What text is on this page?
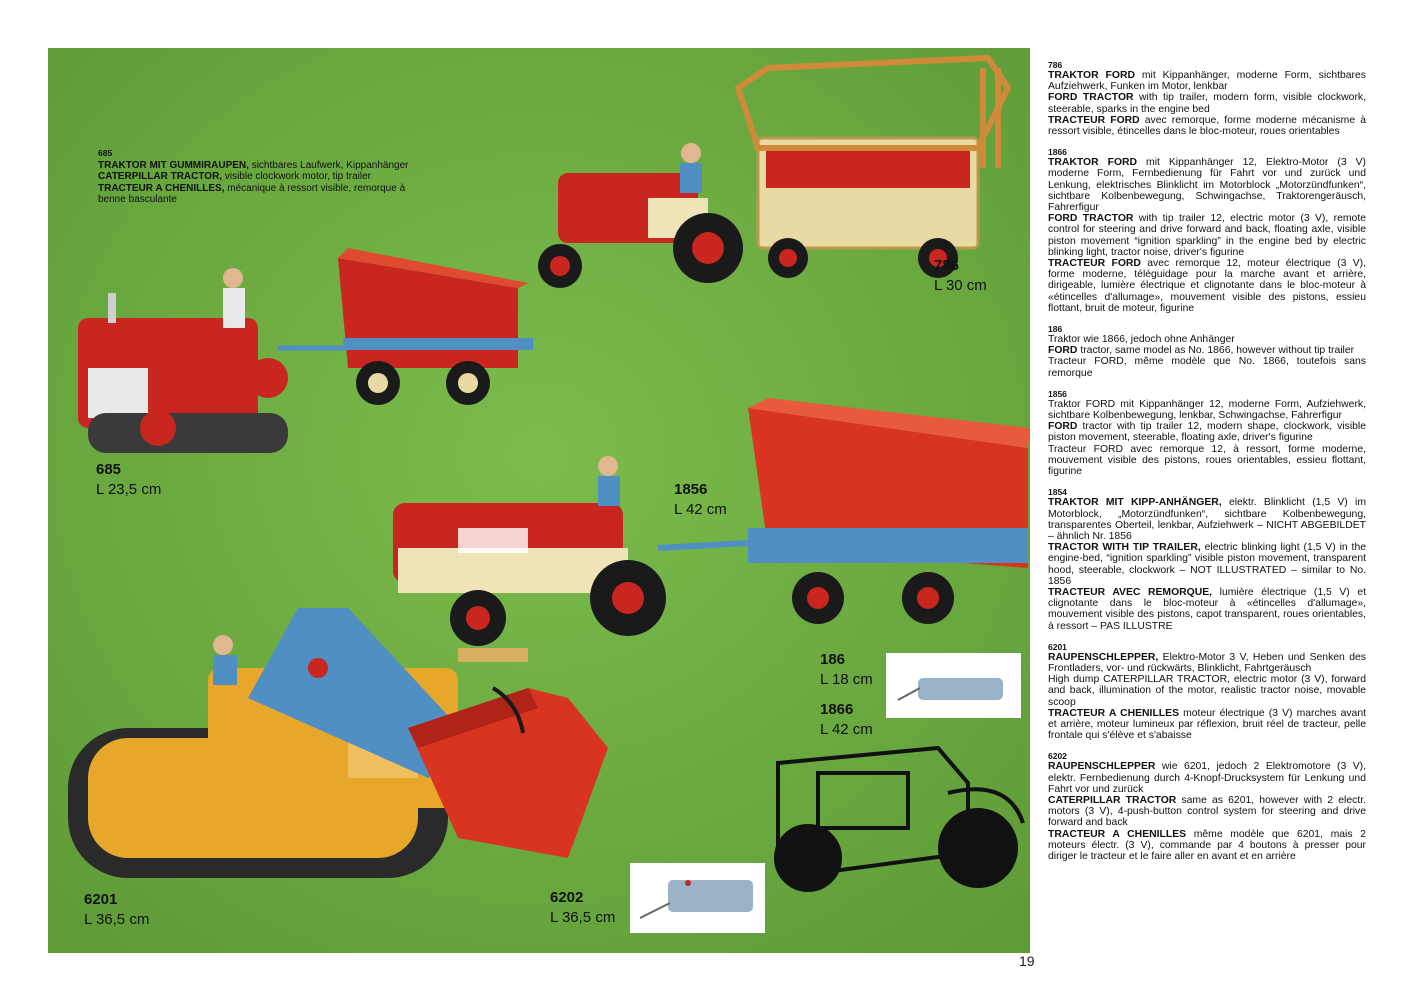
685
TRAKTOR MIT GUMMIRAUPEN, sichtbares Laufwerk, Kippanhänger
CATERPILLAR TRACTOR, visible clockwork motor, tip trailer
TRACTEUR A CHENILLES, mécanique à ressort visible, remorque à benne basculante
786
L 30 cm
685
L 23,5 cm	1856
L 42 cm
186
L 18 cm
1866
L 42 cm
6201
L 36,5 cm
6202
L 36,5 cm
786

TRAKTOR FORD mit Kippanhänger, moderne Form, sichtbares Aufziehwerk, Funken im Motor, lenkbar

FORD TRACTOR with tip trailer, modern form, visible clockwork, steerable, sparks in the engine bed

TRACTEUR FORD avec remorque, forme moderne mécanisme à ressort visible, étincelles dans le bloc-moteur, roues orientables

1866

TRAKTOR FORD mit Kippanhänger 12, Elektro-Motor (3 V) moderne Form, Fernbedienung für Fahrt vor und zurück und Lenkung, elektrisches Blinklicht im Motorblock „Motorzündfunken“, sichtbare Kolbenbewegung, Schwingachse, Traktorengeräusch, Fahrerfigur

FORD TRACTOR with tip trailer 12, electric motor (3 V), remote control for steering and drive forward and back, floating axle, visible piston movement “ignition sparkling” in the engine bed by electric blinking light, tractor noise, driver's figurine

TRACTEUR FORD avec remorque 12, moteur électrique (3 V), forme moderne, téléguidage pour la marche avant et arrière, dirigeable, lumière électrique et clignotante dans le bloc-moteur à «étincelles d'allumage», mouvement visible des pistons, essieu flottant, bruit de moteur, figurine

186

Traktor wie 1866, jedoch ohne Anhänger

FORD tractor, same model as No. 1866, however without tip trailer

Tracteur FORD, même modèle que No. 1866, toutefois sans remorque

1856

Traktor FORD mit Kippanhänger 12, moderne Form, Aufziehwerk, sichtbare Kolbenbewegung, lenkbar, Schwingachse, Fahrerfigur

FORD tractor with tip trailer 12, modern shape, clockwork, visible piston movement, steerable, floating axle, driver's figurine

Tracteur FORD avec remorque 12, à ressort, forme moderne, mouvement visible des pistons, roues orientables, essieu flottant, figurine

1854

TRAKTOR MIT KIPP-ANHÄNGER, elektr. Blinklicht (1,5 V) im Motorblock, „Motorzündfunken“, sichtbare Kolbenbewegung, transparentes Oberteil, lenkbar, Aufziehwerk – NICHT ABGEBILDET – ähnlich Nr. 1856

TRACTOR WITH TIP TRAILER, electric blinking light (1,5 V) in the engine-bed, “ignition sparkling” visible piston movement, transparent hood, steerable, clockwork – NOT ILLUSTRATED – similar to No. 1856

TRACTEUR AVEC REMORQUE, lumière électrique (1,5 V) et clignotante dans le bloc-moteur à «étincelles d'allumage», mouvement visible des pistons, capot transparent, roues orientables, à ressort – PAS ILLUSTRE

6201

RAUPENSCHLEPPER, Elektro-Motor 3 V, Heben und Senken des Frontladers, vor- und rückwärts, Blinklicht, Fahrtgeräusch

High dump CATERPILLAR TRACTOR, electric motor (3 V), forward and back, illumination of the motor, realistic tractor noise, movable scoop

TRACTEUR A CHENILLES moteur électrique (3 V) marches avant et arrière, moteur lumineux par réflexion, bruit réel de tracteur, pelle frontale qui s'élève et s'abaisse

6202

RAUPENSCHLEPPER wie 6201, jedoch 2 Elektromotore (3 V), elektr. Fernbedienung durch 4-Knopf-Drucksystem für Lenkung und Fahrt vor und zurück

CATERPILLAR TRACTOR same as 6201, however with 2 electr. motors (3 V), 4-push-button control system for steering and drive forward and back

TRACTEUR A CHENILLES même modèle que 6201, mais 2 moteurs électr. (3 V), commande par 4 boutons à presser pour diriger le tracteur et le faire aller en avant et en arrière

19
